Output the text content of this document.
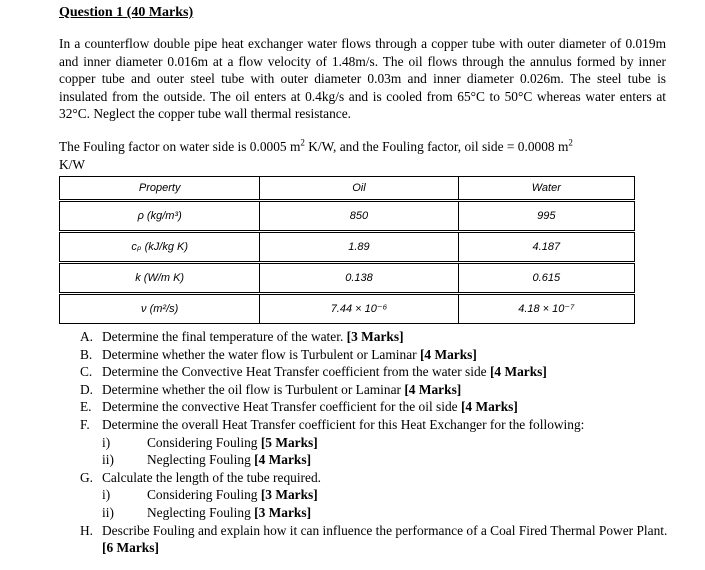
Question 1 (40 Marks)
In a counterflow double pipe heat exchanger water flows through a copper tube with outer diameter of 0.019m and inner diameter 0.016m at a flow velocity of 1.48m/s. The oil flows through the annulus formed by inner copper tube and outer steel tube with outer diameter 0.03m and inner diameter 0.026m. The steel tube is insulated from the outside. The oil enters at 0.4kg/s and is cooled from 65°C to 50°C whereas water enters at 32°C. Neglect the copper tube wall thermal resistance.
The Fouling factor on water side is 0.0005 $m^2$ K/W, and the Fouling factor, oil side = 0.0008 $m^2$
K/W
Property	Oil	Water
ρ (kg/m³)	850	995
cₚ (kJ/kg K)	1.89	4.187
k (W/m K)	0.138	0.615
ν (m²/s)	7.44 × 10⁻⁶	4.18 × 10⁻⁷
A. Determine the final temperature of the water. [3 Marks]
B. Determine whether the water flow is Turbulent or Laminar [4 Marks]
C. Determine the Convective Heat Transfer coefficient from the water side [4 Marks]
D. Determine whether the oil flow is Turbulent or Laminar [4 Marks]
E. Determine the convective Heat Transfer coefficient for the oil side [4 Marks]
F. Determine the overall Heat Transfer coefficient for this Heat Exchanger for the following:
i)	Considering Fouling [5 Marks]
ii)	Neglecting Fouling [4 Marks]
G. Calculate the length of the tube required.
i)	Considering Fouling [3 Marks]
ii)	Neglecting Fouling [3 Marks]
H. Describe Fouling and explain how it can influence the performance of a Coal Fired Thermal Power Plant. [6 Marks]
